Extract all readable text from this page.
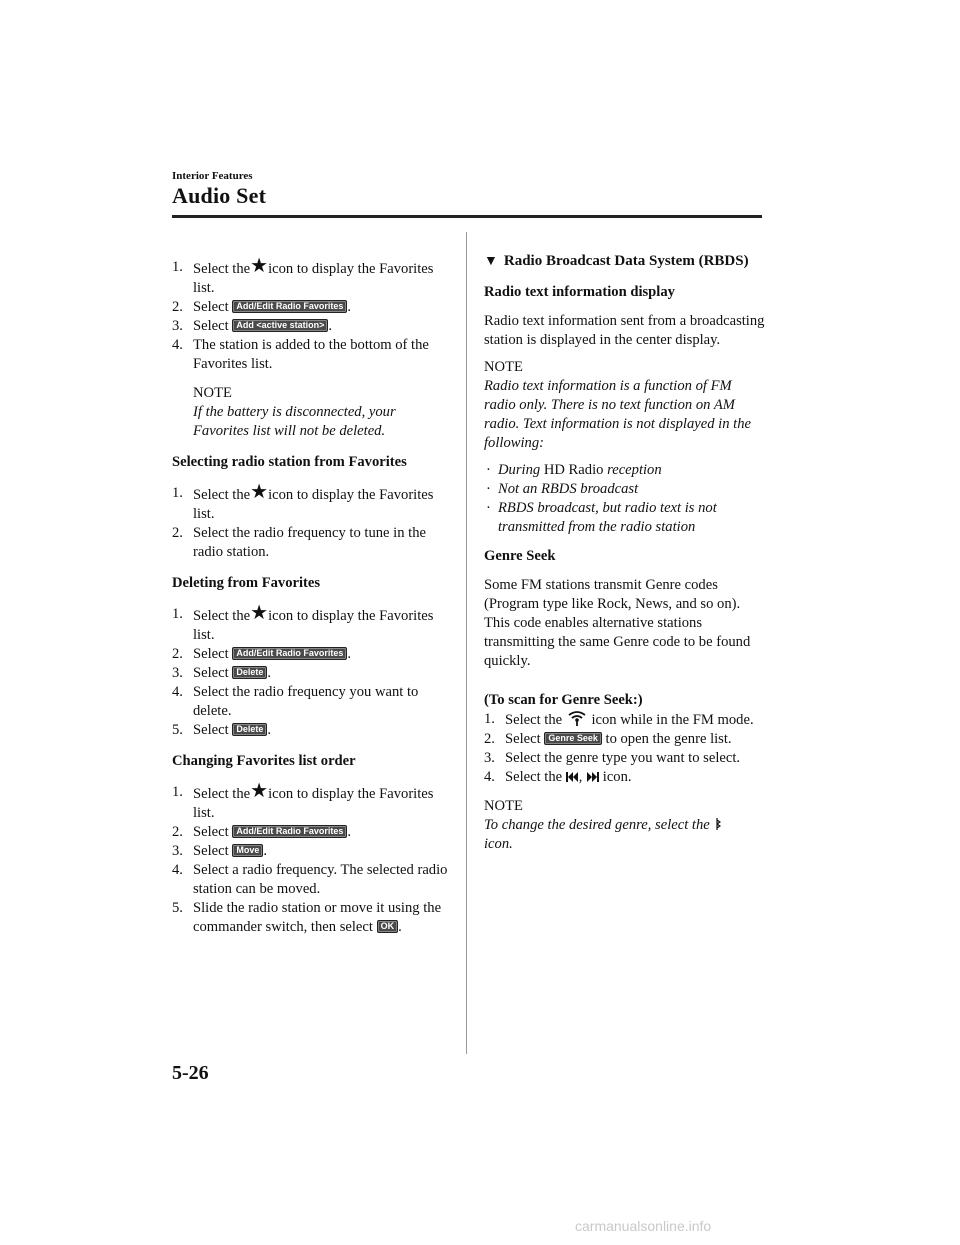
Interior Features
Audio Set
1. Select the★icon to display the Favorites list.
2. Select Add/Edit Radio Favorites .
3. Select Add <active station> .
4. The station is added to the bottom of the Favorites list.
NOTE
If the battery is disconnected, your Favorites list will not be deleted.
Selecting radio station from Favorites
1. Select the★icon to display the Favorites list.
2. Select the radio frequency to tune in the radio station.
Deleting from Favorites
1. Select the★icon to display the Favorites list.
2. Select Add/Edit Radio Favorites .
3. Select Delete .
4. Select the radio frequency you want to delete.
5. Select Delete .
Changing Favorites list order
1. Select the★icon to display the Favorites list.
2. Select Add/Edit Radio Favorites .
3. Select Move .
4. Select a radio frequency. The selected radio station can be moved.
5. Slide the radio station or move it using the commander switch, then select OK .
▼ Radio Broadcast Data System (RBDS)
Radio text information display
Radio text information sent from a broadcasting station is displayed in the center display.
NOTE
Radio text information is a function of FM radio only. There is no text function on AM radio. Text information is not displayed in the following:
· During HD Radio reception
· Not an RBDS broadcast
· RBDS broadcast, but radio text is not transmitted from the radio station
Genre Seek
Some FM stations transmit Genre codes (Program type like Rock, News, and so on). This code enables alternative stations transmitting the same Genre code to be found quickly.
(To scan for Genre Seek:)
1. Select the icon while in the FM mode.
2. Select Genre Seek to open the genre list.
3. Select the genre type you want to select.
4. Select the , icon.
NOTE
To change the desired genre, select the
icon.
5-26
carmanualsonline.info
